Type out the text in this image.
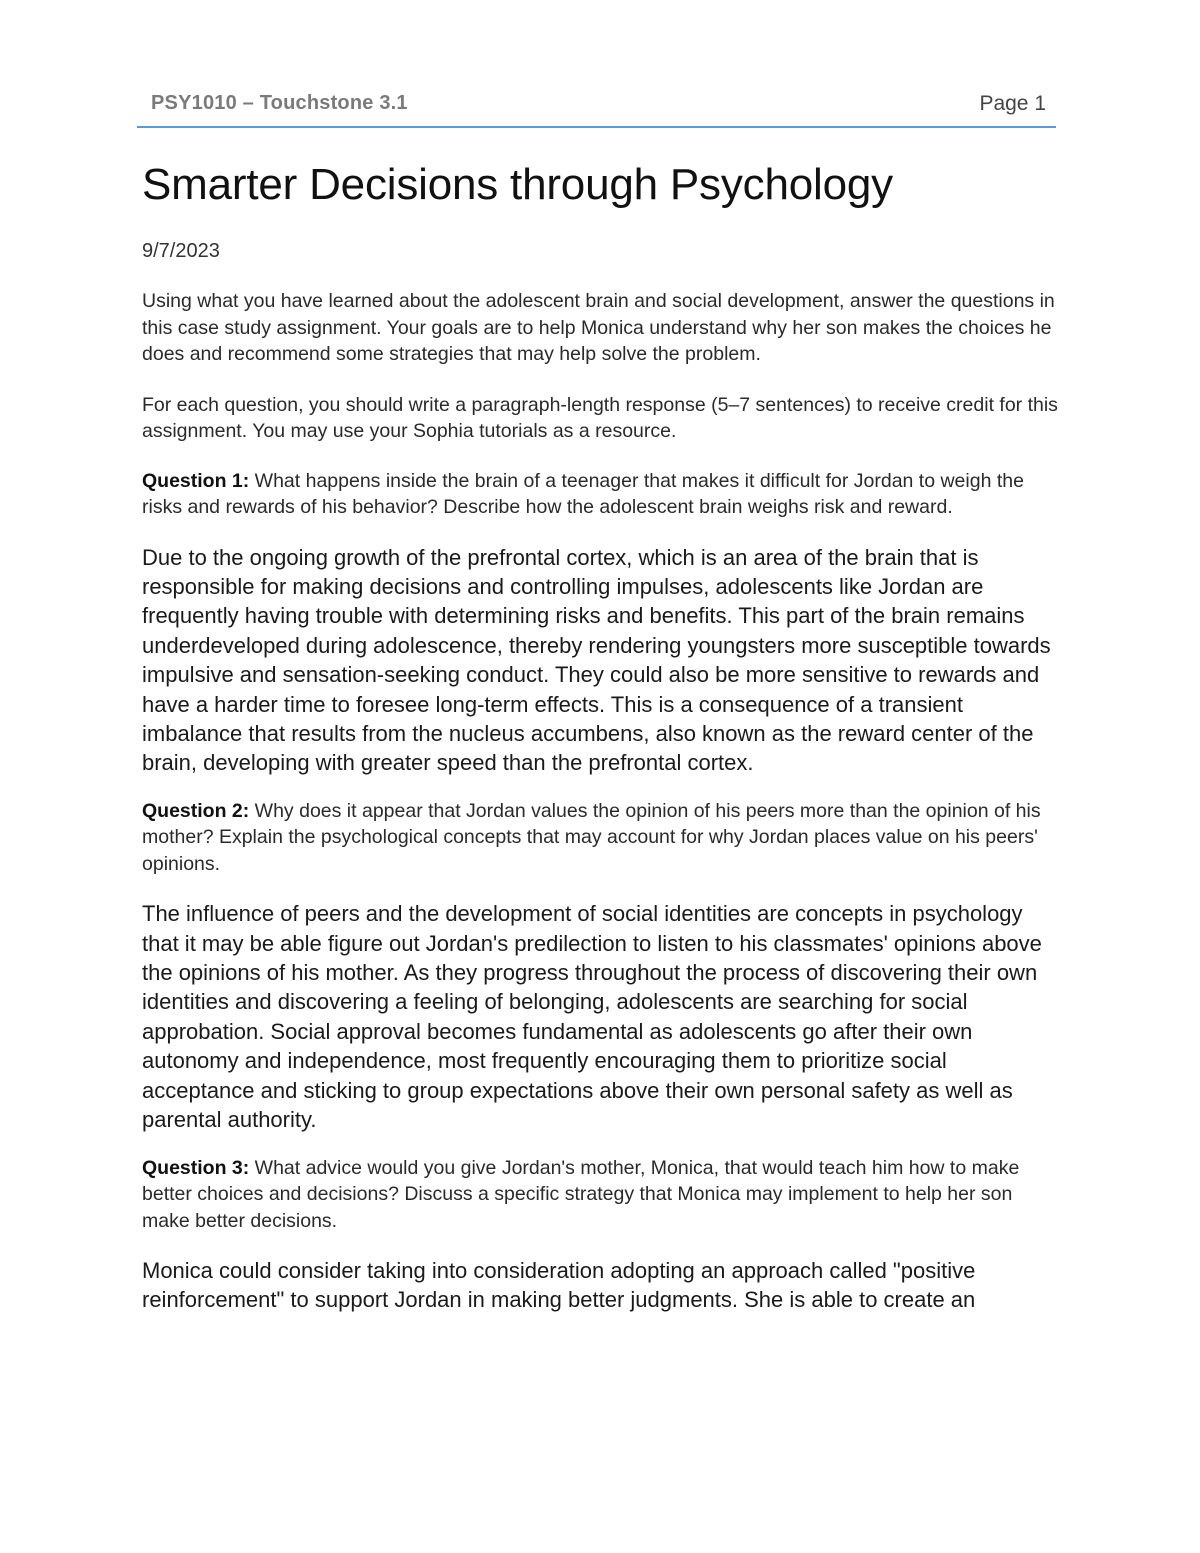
PSY1010 – Touchstone 3.1	Page 1
Smarter Decisions through Psychology

9/7/2023

Using what you have learned about the adolescent brain and social development, answer the questions in this case study assignment. Your goals are to help Monica understand why her son makes the choices he does and recommend some strategies that may help solve the problem.

For each question, you should write a paragraph-length response (5–7 sentences) to receive credit for this assignment. You may use your Sophia tutorials as a resource.

Question 1: What happens inside the brain of a teenager that makes it difficult for Jordan to weigh the risks and rewards of his behavior? Describe how the adolescent brain weighs risk and reward.

Due to the ongoing growth of the prefrontal cortex, which is an area of the brain that is responsible for making decisions and controlling impulses, adolescents like Jordan are frequently having trouble with determining risks and benefits. This part of the brain remains underdeveloped during adolescence, thereby rendering youngsters more susceptible towards impulsive and sensation-seeking conduct. They could also be more sensitive to rewards and have a harder time to foresee long-term effects. This is a consequence of a transient imbalance that results from the nucleus accumbens, also known as the reward center of the brain, developing with greater speed than the prefrontal cortex.

Question 2: Why does it appear that Jordan values the opinion of his peers more than the opinion of his mother? Explain the psychological concepts that may account for why Jordan places value on his peers' opinions.

The influence of peers and the development of social identities are concepts in psychology that it may be able figure out Jordan's predilection to listen to his classmates' opinions above the opinions of his mother. As they progress throughout the process of discovering their own identities and discovering a feeling of belonging, adolescents are searching for social approbation. Social approval becomes fundamental as adolescents go after their own autonomy and independence, most frequently encouraging them to prioritize social acceptance and sticking to group expectations above their own personal safety as well as parental authority.

Question 3: What advice would you give Jordan's mother, Monica, that would teach him how to make better choices and decisions? Discuss a specific strategy that Monica may implement to help her son make better decisions.

Monica could consider taking into consideration adopting an approach called "positive reinforcement" to support Jordan in making better judgments. She is able to create an
